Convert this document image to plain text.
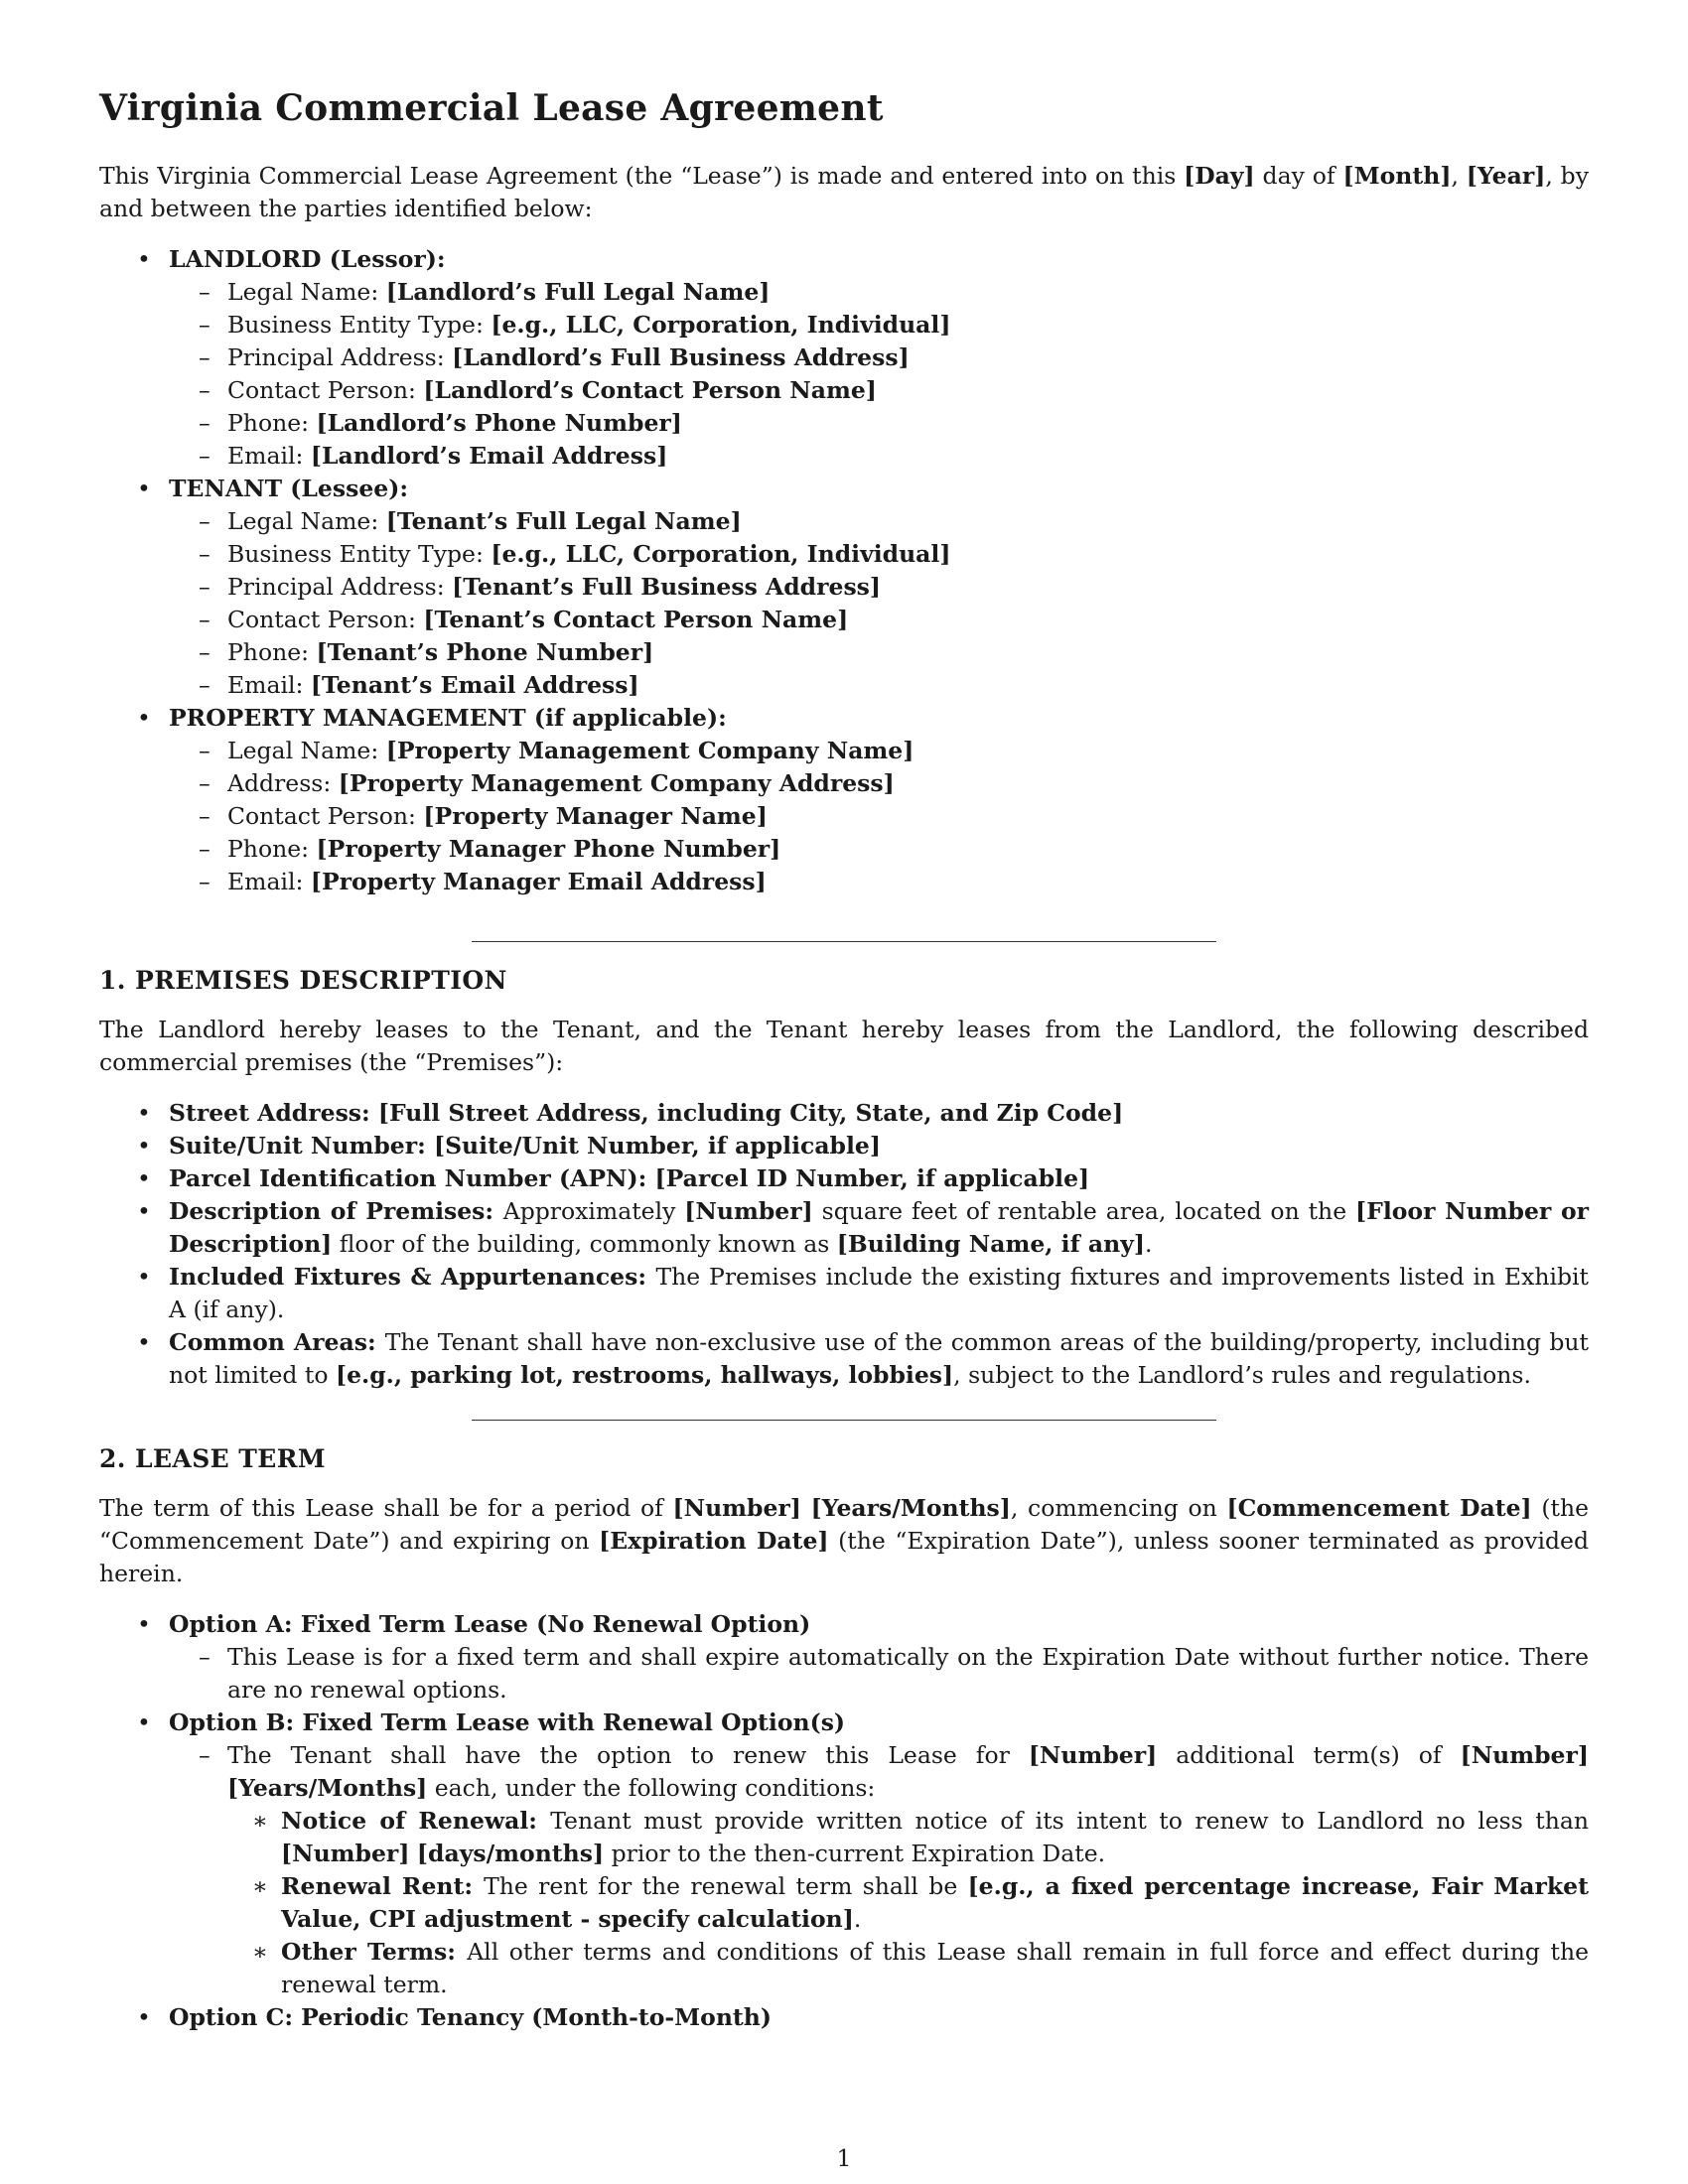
Virginia Commercial Lease Agreement

This Virginia Commercial Lease Agreement (the “Lease”) is made and entered into on this [Day] day of [Month], [Year], by and between the parties identified below:

• LANDLORD (Lessor):
– Legal Name: [Landlord’s Full Legal Name]
– Business Entity Type: [e.g., LLC, Corporation, Individual]
– Principal Address: [Landlord’s Full Business Address]
– Contact Person: [Landlord’s Contact Person Name]
– Phone: [Landlord’s Phone Number]
– Email: [Landlord’s Email Address]
• TENANT (Lessee):
– Legal Name: [Tenant’s Full Legal Name]
– Business Entity Type: [e.g., LLC, Corporation, Individual]
– Principal Address: [Tenant’s Full Business Address]
– Contact Person: [Tenant’s Contact Person Name]
– Phone: [Tenant’s Phone Number]
– Email: [Tenant’s Email Address]
• PROPERTY MANAGEMENT (if applicable):
– Legal Name: [Property Management Company Name]
– Address: [Property Management Company Address]
– Contact Person: [Property Manager Name]
– Phone: [Property Manager Phone Number]
– Email: [Property Manager Email Address]
1. PREMISES DESCRIPTION

The Landlord hereby leases to the Tenant, and the Tenant hereby leases from the Landlord, the following described commercial premises (the “Premises”):

• Street Address: [Full Street Address, including City, State, and Zip Code]
• Suite/Unit Number: [Suite/Unit Number, if applicable]
• Parcel Identification Number (APN): [Parcel ID Number, if applicable]
• Description of Premises: Approximately [Number] square feet of rentable area, located on the [Floor Number or Description] floor of the building, commonly known as [Building Name, if any].
• Included Fixtures & Appurtenances: The Premises include the existing fixtures and improvements listed in Exhibit A (if any).
• Common Areas: The Tenant shall have non-exclusive use of the common areas of the building/property, including but not limited to [e.g., parking lot, restrooms, hallways, lobbies], subject to the Landlord’s rules and regulations.
2. LEASE TERM

The term of this Lease shall be for a period of [Number] [Years/Months], commencing on [Commencement Date] (the “Commencement Date”) and expiring on [Expiration Date] (the “Expiration Date”), unless sooner terminated as provided herein.

• Option A: Fixed Term Lease (No Renewal Option)
– This Lease is for a fixed term and shall expire automatically on the Expiration Date without further notice. There are no renewal options.
• Option B: Fixed Term Lease with Renewal Option(s)
– The Tenant shall have the option to renew this Lease for [Number] additional term(s) of [Number] [Years/Months] each, under the following conditions:
∗ Notice of Renewal: Tenant must provide written notice of its intent to renew to Landlord no less than [Number] [days/months] prior to the then-current Expiration Date.
∗ Renewal Rent: The rent for the renewal term shall be [e.g., a fixed percentage increase, Fair Market Value, CPI adjustment - specify calculation].
∗ Other Terms: All other terms and conditions of this Lease shall remain in full force and effect during the renewal term.
• Option C: Periodic Tenancy (Month-to-Month)
1
